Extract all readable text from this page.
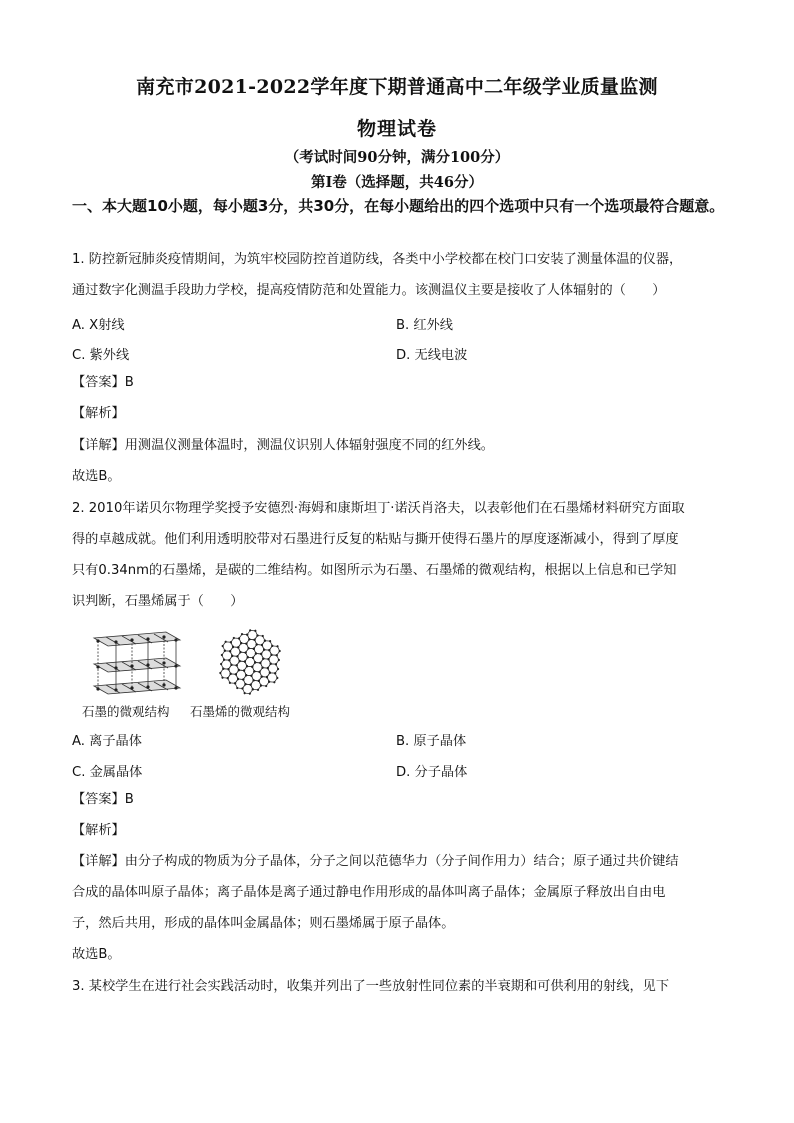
南充市2021-2022学年度下期普通高中二年级学业质量监测
物理试卷
（考试时间90分钟，满分100分）
第Ⅰ卷（选择题，共46分）
一、本大题10小题，每小题3分，共30分，在每小题给出的四个选项中只有一个选项最符合题意。
1. 防控新冠肺炎疫情期间，为筑牢校园防控首道防线，各类中小学校都在校门口安装了测量体温的仪器，
通过数字化测温手段助力学校，提高疫情防范和处置能力。该测温仪主要是接收了人体辐射的（　　）
A. X射线	B. 红外线
C. 紫外线	D. 无线电波
【答案】B
【解析】
【详解】用测温仪测量体温时，测温仪识别人体辐射强度不同的红外线。
故选B。
2. 2010年诺贝尔物理学奖授予安德烈·海姆和康斯坦丁·诺沃肖洛夫，以表彰他们在石墨烯材料研究方面取
得的卓越成就。他们利用透明胶带对石墨进行反复的粘贴与撕开使得石墨片的厚度逐渐减小，得到了厚度
只有0.34nm的石墨烯，是碳的二维结构。如图所示为石墨、石墨烯的微观结构，根据以上信息和已学知
识判断，石墨烯属于（　　）
石墨的微观结构 石墨烯的微观结构
A. 离子晶体	B. 原子晶体
C. 金属晶体	D. 分子晶体
【答案】B
【解析】
【详解】由分子构成的物质为分子晶体，分子之间以范德华力（分子间作用力）结合；原子通过共价键结
合成的晶体叫原子晶体；离子晶体是离子通过静电作用形成的晶体叫离子晶体；金属原子释放出自由电
子，然后共用，形成的晶体叫金属晶体；则石墨烯属于原子晶体。
故选B。
3. 某校学生在进行社会实践活动时，收集并列出了一些放射性同位素的半衰期和可供利用的射线，见下
